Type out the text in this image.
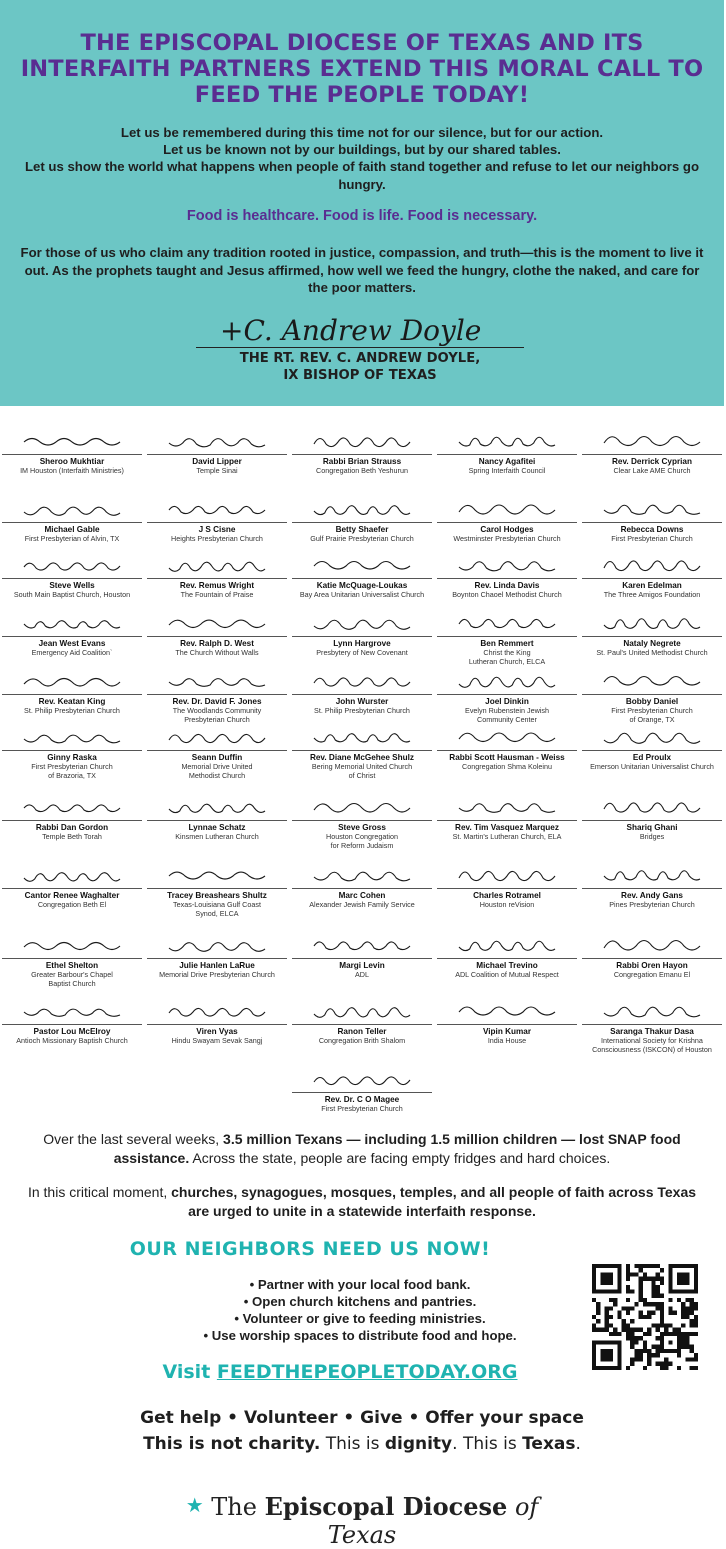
THE EPISCOPAL DIOCESE OF TEXAS AND ITS INTERFAITH PARTNERS EXTEND THIS MORAL CALL TO FEED THE PEOPLE TODAY!

Let us be remembered during this time not for our silence, but for our action.

Let us be known not by our buildings, but by our shared tables.

Let us show the world what happens when people of faith stand together and refuse to let our neighbors go hungry.

Food is healthcare. Food is life. Food is necessary.

For those of us who claim any tradition rooted in justice, compassion, and truth—this is the moment to live it out. As the prophets taught and Jesus affirmed, how well we feed the hungry, clothe the naked, and care for the poor matters.

+C. Andrew Doyle
THE RT. REV. C. ANDREW DOYLE,
IX BISHOP OF TEXAS
Sheroo Mukhtiar
IM Houston (Interfaith Ministries)
David Lipper
Temple Sinai
Rabbi Brian Strauss
Congregation Beth Yeshurun
Nancy Agafitei
Spring Interfaith Council
Rev. Derrick Cyprian
Clear Lake AME Church
Michael Gable
First Presbyterian of Alvin, TX
J S Cisne
Heights Presbyterian Church
Betty Shaefer
Gulf Prairie Presbyterian Church
Carol Hodges
Westminster Presbyterian Church
Rebecca Downs
First Presbyterian Church
Steve Wells
South Main Baptist Church, Houston
Rev. Remus Wright
The Fountain of Praise
Katie McQuage-Loukas
Bay Area Unitarian Universalist Church
Rev. Linda Davis
Boynton Chaoel Methodist Church
Karen Edelman
The Three Amigos Foundation
Jean West Evans
Emergency Aid Coalition`
Rev. Ralph D. West
The Church Without Walls
Lynn Hargrove
Presbytery of New Covenant
Ben Remmert
Christ the King
Lutheran Church, ELCA
Nataly Negrete
St. Paul's United Methodist Church
Rev. Keatan King
St. Philip Presbyterian Church
Rev. Dr. David F. Jones
The Woodlands Community
Presbyterian Church
John Wurster
St. Philip Presbyterian Church
Joel Dinkin
Evelyn Rubenstein Jewish
Community Center
Bobby Daniel
First Presbyterian Church
of Orange, TX
Ginny Raska
First Presbyterian Church
of Brazoria, TX
Seann Duffin
Memorial Drive United
Methodist Church
Rev. Diane McGehee Shulz
Bering Memorial United Church
of Christ
Rabbi Scott Hausman - Weiss
Congregation Shma Koleinu
Ed Proulx
Emerson Unitarian Universalist Church
Rabbi Dan Gordon
Temple Beth Torah
Lynnae Schatz
Kinsmen Lutheran Church
Steve Gross
Houston Congregation
for Reform Judaism
Rev. Tim Vasquez Marquez
St. Martin's Lutheran Church, ELA
Shariq Ghani
Bridges
Cantor Renee Waghalter
Congregation Beth El
Tracey Breashears Shultz
Texas-Louisiana Gulf Coast
Synod, ELCA
Marc Cohen
Alexander Jewish Family Service
Charles Rotramel
Houston reVision
Rev. Andy Gans
Pines Presbyterian Church
Ethel Shelton
Greater Barbour's Chapel
Baptist Church
Julie Hanlen LaRue
Memorial Drive Presbyterian Church
Margi Levin
ADL
Michael Trevino
ADL Coalition of Mutual Respect
Rabbi Oren Hayon
Congregation Emanu El
Pastor Lou McElroy
Antioch Missionary Baptish Church
Viren Vyas
Hindu Swayam Sevak Sangj
Ranon Teller
Congregation Brith Shalom
Vipin Kumar
India House
Saranga Thakur Dasa
International Society for Krishna
Consciousness (ISKCON) of Houston
Rev. Dr. C O Magee
First Presbyterian Church

Over the last several weeks, 3.5 million Texans — including 1.5 million children — lost SNAP food assistance. Across the state, people are facing empty fridges and hard choices.

In this critical moment, churches, synagogues, mosques, temples, and all people of faith across Texas are urged to unite in a statewide interfaith response.

OUR NEIGHBORS NEED US NOW!
• Partner with your local food bank.
• Open church kitchens and pantries.
• Volunteer or give to feeding ministries.
• Use worship spaces to distribute food and hope.
Visit FEEDTHEPEOPLETODAY.ORG
Get help • Volunteer • Give • Offer your space
This is not charity. This is dignity. This is Texas.
★ The Episcopal Diocese of Texas
